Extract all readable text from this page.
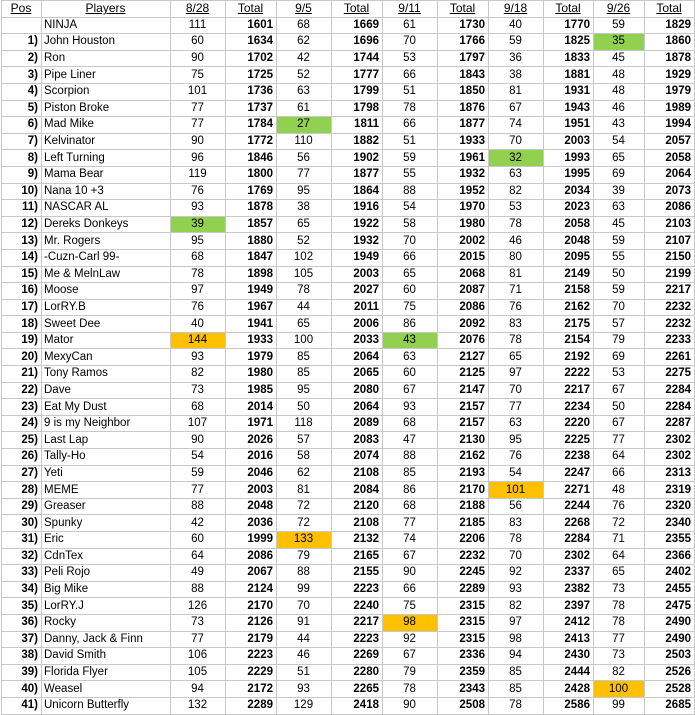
Pos	Players	8/28	Total	9/5	Total	9/11	Total	9/18	Total	9/26	Total
	NINJA	111	1601	68	1669	61	1730	40	1770	59	1829
1)	John Houston	60	1634	62	1696	70	1766	59	1825	35	1860
2)	Ron	90	1702	42	1744	53	1797	36	1833	45	1878
3)	Pipe Liner	75	1725	52	1777	66	1843	38	1881	48	1929
4)	Scorpion	101	1736	63	1799	51	1850	81	1931	48	1979
5)	Piston Broke	77	1737	61	1798	78	1876	67	1943	46	1989
6)	Mad Mike	77	1784	27	1811	66	1877	74	1951	43	1994
7)	Kelvinator	90	1772	110	1882	51	1933	70	2003	54	2057
8)	Left Turning	96	1846	56	1902	59	1961	32	1993	65	2058
9)	Mama Bear	119	1800	77	1877	55	1932	63	1995	69	2064
10)	Nana 10 +3	76	1769	95	1864	88	1952	82	2034	39	2073
11)	NASCAR AL	93	1878	38	1916	54	1970	53	2023	63	2086
12)	Dereks Donkeys	39	1857	65	1922	58	1980	78	2058	45	2103
13)	Mr. Rogers	95	1880	52	1932	70	2002	46	2048	59	2107
14)	-Cuzn-Carl 99-	68	1847	102	1949	66	2015	80	2095	55	2150
15)	Me & MelnLaw	78	1898	105	2003	65	2068	81	2149	50	2199
16)	Moose	97	1949	78	2027	60	2087	71	2158	59	2217
17)	LorRY.B	76	1967	44	2011	75	2086	76	2162	70	2232
18)	Sweet Dee	40	1941	65	2006	86	2092	83	2175	57	2232
19)	Mator	144	1933	100	2033	43	2076	78	2154	79	2233
20)	MexyCan	93	1979	85	2064	63	2127	65	2192	69	2261
21)	Tony Ramos	82	1980	85	2065	60	2125	97	2222	53	2275
22)	Dave	73	1985	95	2080	67	2147	70	2217	67	2284
23)	Eat My Dust	68	2014	50	2064	93	2157	77	2234	50	2284
24)	9 is my Neighbor	107	1971	118	2089	68	2157	63	2220	67	2287
25)	Last Lap	90	2026	57	2083	47	2130	95	2225	77	2302
26)	Tally-Ho	54	2016	58	2074	88	2162	76	2238	64	2302
27)	Yeti	59	2046	62	2108	85	2193	54	2247	66	2313
28)	MEME	77	2003	81	2084	86	2170	101	2271	48	2319
29)	Greaser	88	2048	72	2120	68	2188	56	2244	76	2320
30)	Spunky	42	2036	72	2108	77	2185	83	2268	72	2340
31)	Eric	60	1999	133	2132	74	2206	78	2284	71	2355
32)	CdnTex	64	2086	79	2165	67	2232	70	2302	64	2366
33)	Peli Rojo	49	2067	88	2155	90	2245	92	2337	65	2402
34)	Big Mike	88	2124	99	2223	66	2289	93	2382	73	2455
35)	LorRY.J	126	2170	70	2240	75	2315	82	2397	78	2475
36)	Rocky	73	2126	91	2217	98	2315	97	2412	78	2490
37)	Danny, Jack & Finn	77	2179	44	2223	92	2315	98	2413	77	2490
38)	David Smith	106	2223	46	2269	67	2336	94	2430	73	2503
39)	Florida Flyer	105	2229	51	2280	79	2359	85	2444	82	2526
40)	Weasel	94	2172	93	2265	78	2343	85	2428	100	2528
41)	Unicorn Butterfly	132	2289	129	2418	90	2508	78	2586	99	2685
